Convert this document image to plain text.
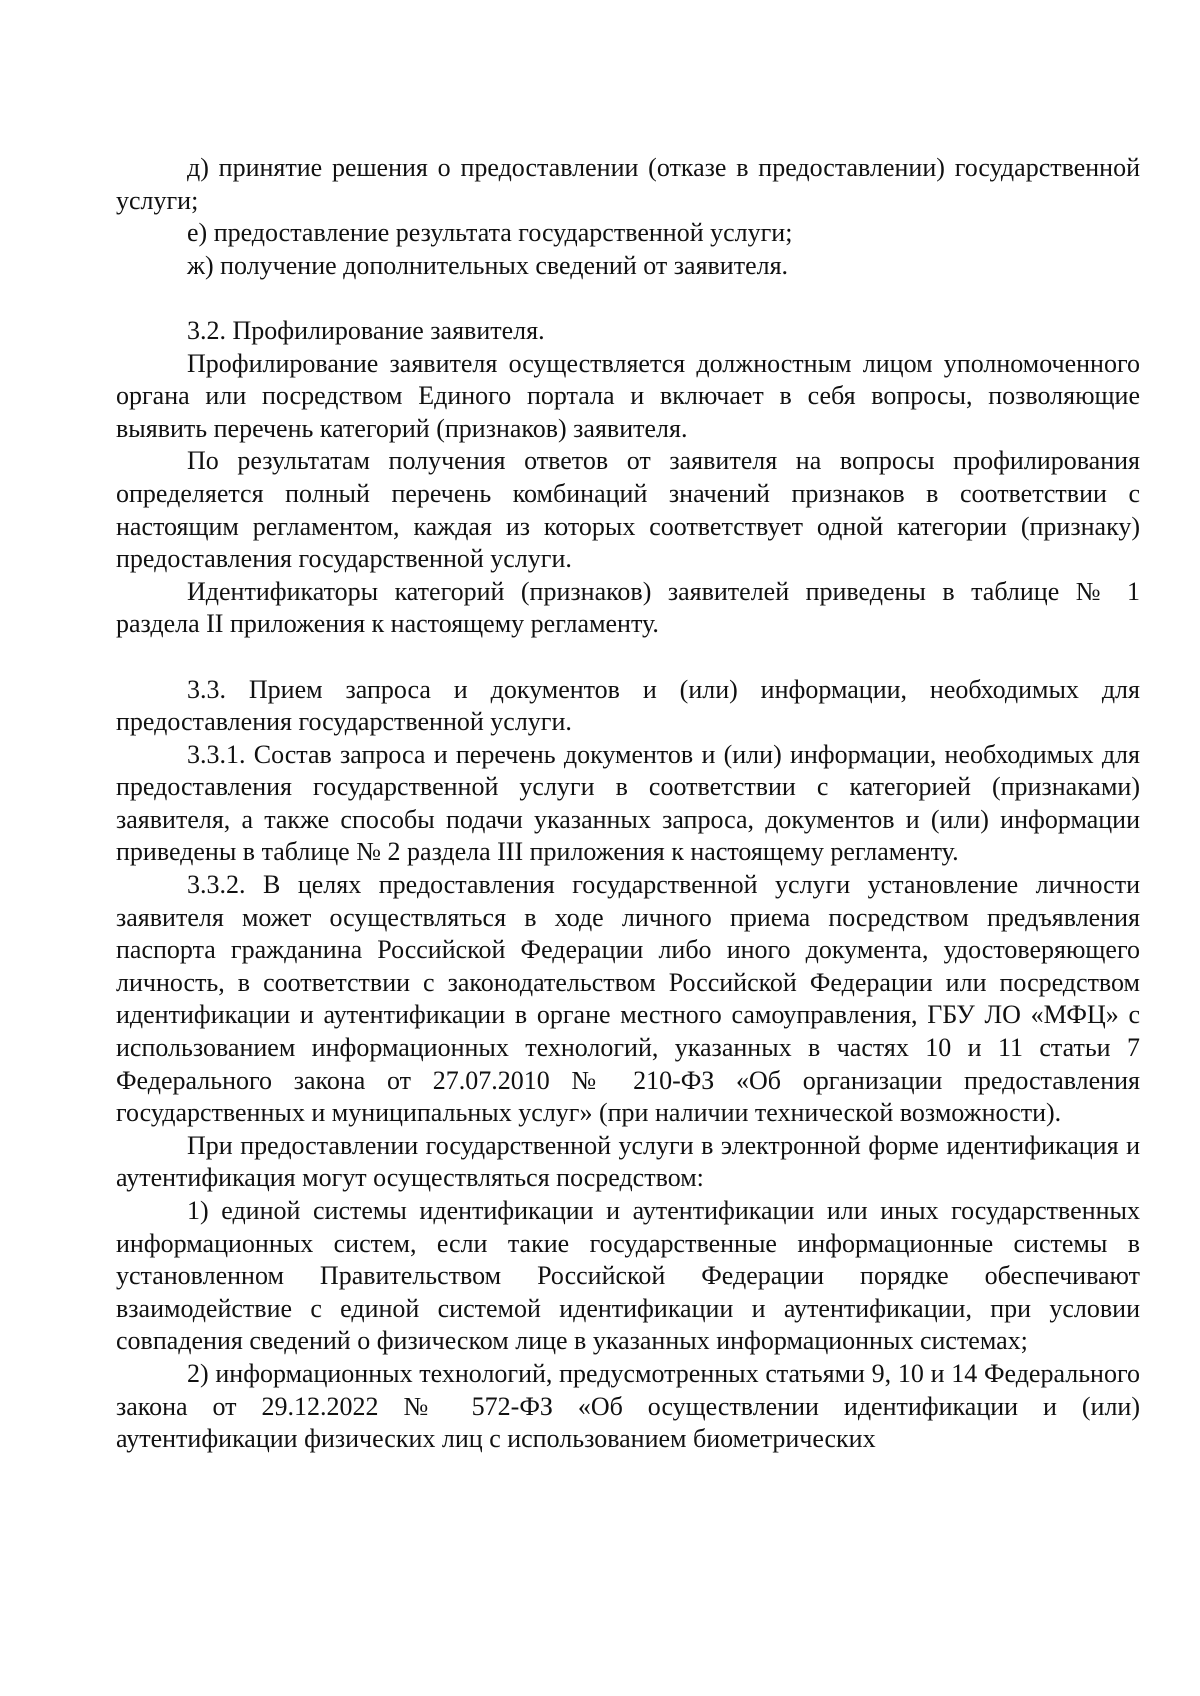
д) принятие решения о предоставлении (отказе в предоставлении) государственной услуги;

е) предоставление результата государственной услуги;

ж) получение дополнительных сведений от заявителя.

3.2. Профилирование заявителя.

Профилирование заявителя осуществляется должностным лицом уполномоченного органа или посредством Единого портала и включает в себя вопросы, позволяющие выявить перечень категорий (признаков) заявителя.

По результатам получения ответов от заявителя на вопросы профилирования определяется полный перечень комбинаций значений признаков в соответствии с настоящим регламентом, каждая из которых соответствует одной категории (признаку) предоставления государственной услуги.

Идентификаторы категорий (признаков) заявителей приведены в таблице № 1 раздела II приложения к настоящему регламенту.

3.3. Прием запроса и документов и (или) информации, необходимых для предоставления государственной услуги.

3.3.1. Состав запроса и перечень документов и (или) информации, необходимых для предоставления государственной услуги в соответствии с категорией (признаками) заявителя, а также способы подачи указанных запроса, документов и (или) информации приведены в таблице № 2 раздела III приложения к настоящему регламенту.

3.3.2. В целях предоставления государственной услуги установление личности заявителя может осуществляться в ходе личного приема посредством предъявления паспорта гражданина Российской Федерации либо иного документа, удостоверяющего личность, в соответствии с законодательством Российской Федерации или посредством идентификации и аутентификации в органе местного самоуправления, ГБУ ЛО «МФЦ» с использованием информационных технологий, указанных в частях 10 и 11 статьи 7 Федерального закона от 27.07.2010 № 210-ФЗ «Об организации предоставления государственных и муниципальных услуг» (при наличии технической возможности).

При предоставлении государственной услуги в электронной форме идентификация и аутентификация могут осуществляться посредством:

1) единой системы идентификации и аутентификации или иных государственных информационных систем, если такие государственные информационные системы в установленном Правительством Российской Федерации порядке обеспечивают взаимодействие с единой системой идентификации и аутентификации, при условии совпадения сведений о физическом лице в указанных информационных системах;

2) информационных технологий, предусмотренных статьями 9, 10 и 14 Федерального закона от 29.12.2022 № 572-ФЗ «Об осуществлении идентификации и (или) аутентификации физических лиц с использованием биометрических
